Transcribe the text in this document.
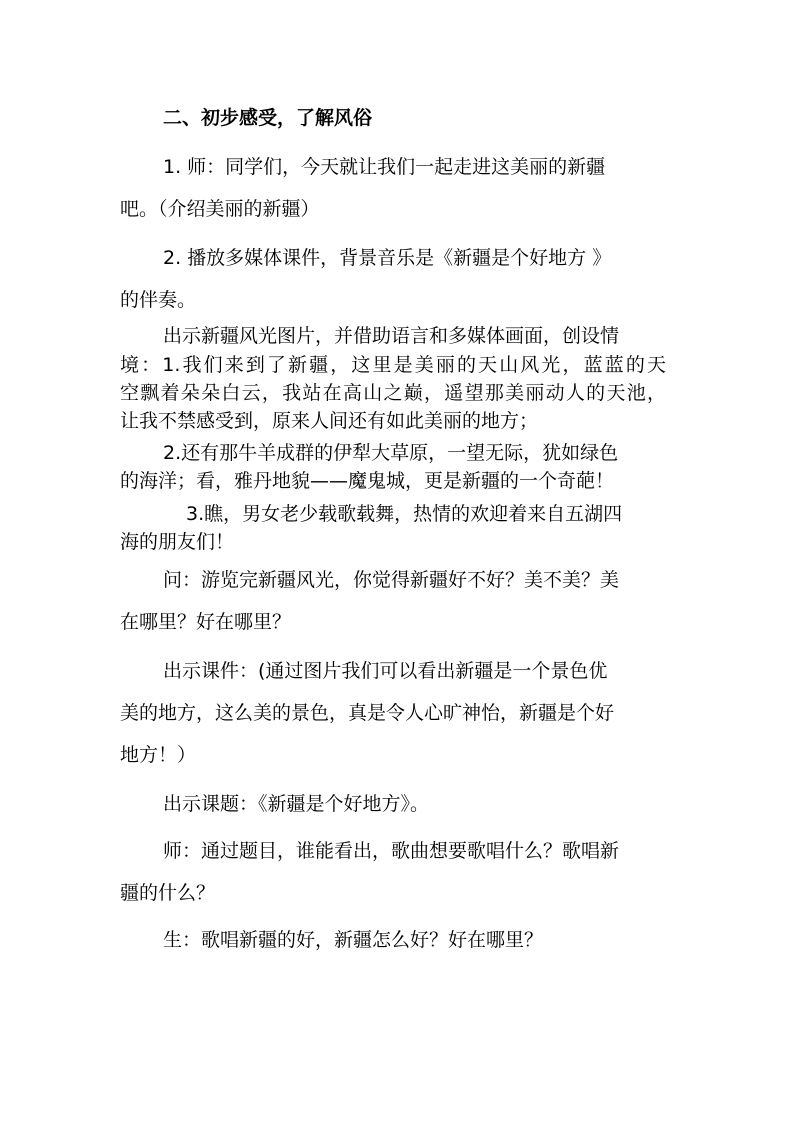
二、初步感受，了解风俗
1. 师：同学们，今天就让我们一起走进这美丽的新疆
吧。（介绍美丽的新疆）
2. 播放多媒体课件，背景音乐是《新疆是个好地方 》
的伴奏。
出示新疆风光图片，并借助语言和多媒体画面，创设情
境：1.我们来到了新疆，这里是美丽的天山风光，蓝蓝的天
空飘着朵朵白云，我站在高山之巅，遥望那美丽动人的天池，
让我不禁感受到，原来人间还有如此美丽的地方；
2.还有那牛羊成群的伊犁大草原，一望无际，犹如绿色
的海洋；看，雅丹地貌——魔鬼城，更是新疆的一个奇葩！
3.瞧，男女老少载歌载舞，热情的欢迎着来自五湖四
海的朋友们！
问：游览完新疆风光，你觉得新疆好不好？美不美？美
在哪里？好在哪里？
出示课件：(通过图片我们可以看出新疆是一个景色优
美的地方，这么美的景色，真是令人心旷神怡，新疆是个好
地方！）
出示课题：《新疆是个好地方》。
师：通过题目，谁能看出，歌曲想要歌唱什么？歌唱新
疆的什么？
生：歌唱新疆的好，新疆怎么好？好在哪里？
